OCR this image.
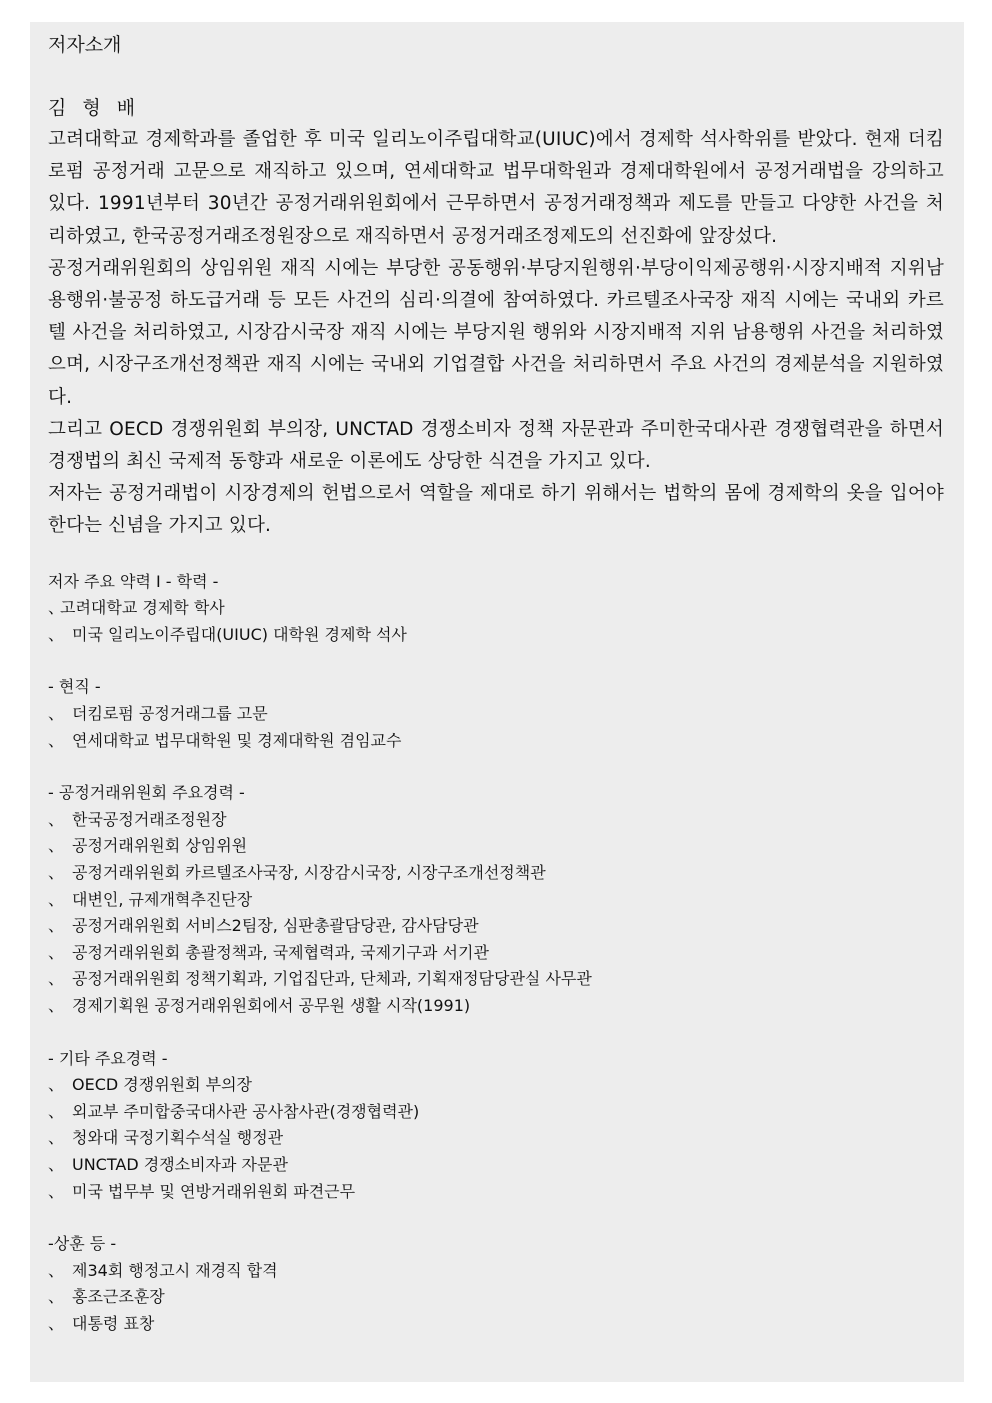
저자소개
김 형 배

고려대학교 경제학과를 졸업한 후 미국 일리노이주립대학교(UIUC)에서 경제학 석사학위를 받았다. 현재 더킴로펌 공정거래 고문으로 재직하고 있으며, 연세대학교 법무대학원과 경제대학원에서 공정거래법을 강의하고 있다. 1991년부터 30년간 공정거래위원회에서 근무하면서 공정거래정책과 제도를 만들고 다양한 사건을 처리하였고, 한국공정거래조정원장으로 재직하면서 공정거래조정제도의 선진화에 앞장섰다.

공정거래위원회의 상임위원 재직 시에는 부당한 공동행위·부당지원행위·부당이익제공행위·시장지배적 지위남용행위·불공정 하도급거래 등 모든 사건의 심리·의결에 참여하였다. 카르텔조사국장 재직 시에는 국내외 카르텔 사건을 처리하였고, 시장감시국장 재직 시에는 부당지원 행위와 시장지배적 지위 남용행위 사건을 처리하였으며, 시장구조개선정책관 재직 시에는 국내외 기업결합 사건을 처리하면서 주요 사건의 경제분석을 지원하였다.

그리고 OECD 경쟁위원회 부의장, UNCTAD 경쟁소비자 정책 자문관과 주미한국대사관 경쟁협력관을 하면서 경쟁법의 최신 국제적 동향과 새로운 이론에도 상당한 식견을 가지고 있다.

저자는 공정거래법이 시장경제의 헌법으로서 역할을 제대로 하기 위해서는 법학의 몸에 경제학의 옷을 입어야 한다는 신념을 가지고 있다.

저자 주요 약력 I - 학력 -
、고려대학교 경제학 학사
、 미국 일리노이주립대(UIUC) 대학원 경제학 석사
- 현직 -
、 더킴로펌 공정거래그룹 고문
、 연세대학교 법무대학원 및 경제대학원 겸임교수
- 공정거래위원회 주요경력 -
、 한국공정거래조정원장
、 공정거래위원회 상임위원
、 공정거래위원회 카르텔조사국장, 시장감시국장, 시장구조개선정책관
、 대변인, 규제개혁추진단장
、 공정거래위원회 서비스2팀장, 심판총괄담당관, 감사담당관
、 공정거래위원회 총괄정책과, 국제협력과, 국제기구과 서기관
、 공정거래위원회 정책기획과, 기업집단과, 단체과, 기획재정담당관실 사무관
、 경제기획원 공정거래위원회에서 공무원 생활 시작(1991)
- 기타 주요경력 -
、 OECD 경쟁위원회 부의장
、 외교부 주미합중국대사관 공사참사관(경쟁협력관)
、 청와대 국정기획수석실 행정관
、 UNCTAD 경쟁소비자과 자문관
、 미국 법무부 및 연방거래위원회 파견근무
-상훈 등 -
、 제34회 행정고시 재경직 합격
、 홍조근조훈장
、 대통령 표창
